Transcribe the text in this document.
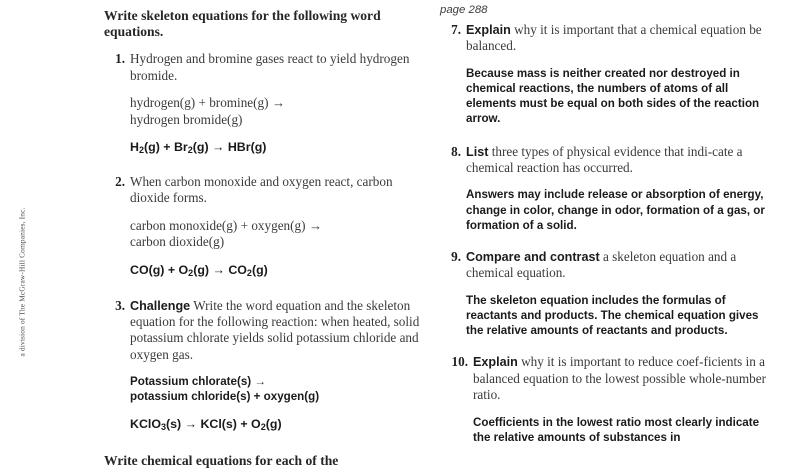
a division of The McGraw-Hill Companies, Inc.

Write skeleton equations for the following word equations.

1. Hydrogen and bromine gases react to yield hydrogen bromide.
hydrogen(g) + bromine(g) →
hydrogen bromide(g)
$H_2(g) + Br_2(g) \to HBr(g)$
2. When carbon monoxide and oxygen react, carbon dioxide forms.
carbon monoxide(g) + oxygen(g) →
carbon dioxide(g)
$CO(g) + O_2(g) \to CO_2(g)$
3. Challenge Write the word equation and the skeleton equation for the following reaction: when heated, solid potassium chlorate yields solid potassium chloride and oxygen gas.
Potassium chlorate(s) →
potassium chloride(s) + oxygen(g)
KClO$_3$(s) → $KCl(s) + O_2(g)$

Write chemical equations for each of the

page 288

7. Explain why it is important that a chemical equation be balanced.
Because mass is neither created nor destroyed in chemical reactions, the numbers of atoms of all elements must be equal on both sides of the reaction arrow.
8. List three types of physical evidence that indi-cate a chemical reaction has occurred.
Answers may include release or absorption of energy, change in color, change in odor, formation of a gas, or formation of a solid.
9. Compare and contrast a skeleton equation and a chemical equation.
The skeleton equation includes the formulas of reactants and products. The chemical equation gives the relative amounts of reactants and products.
10. Explain why it is important to reduce coef-ficients in a balanced equation to the lowest possible whole-number ratio.
Coefficients in the lowest ratio most clearly indicate the relative amounts of substances in
